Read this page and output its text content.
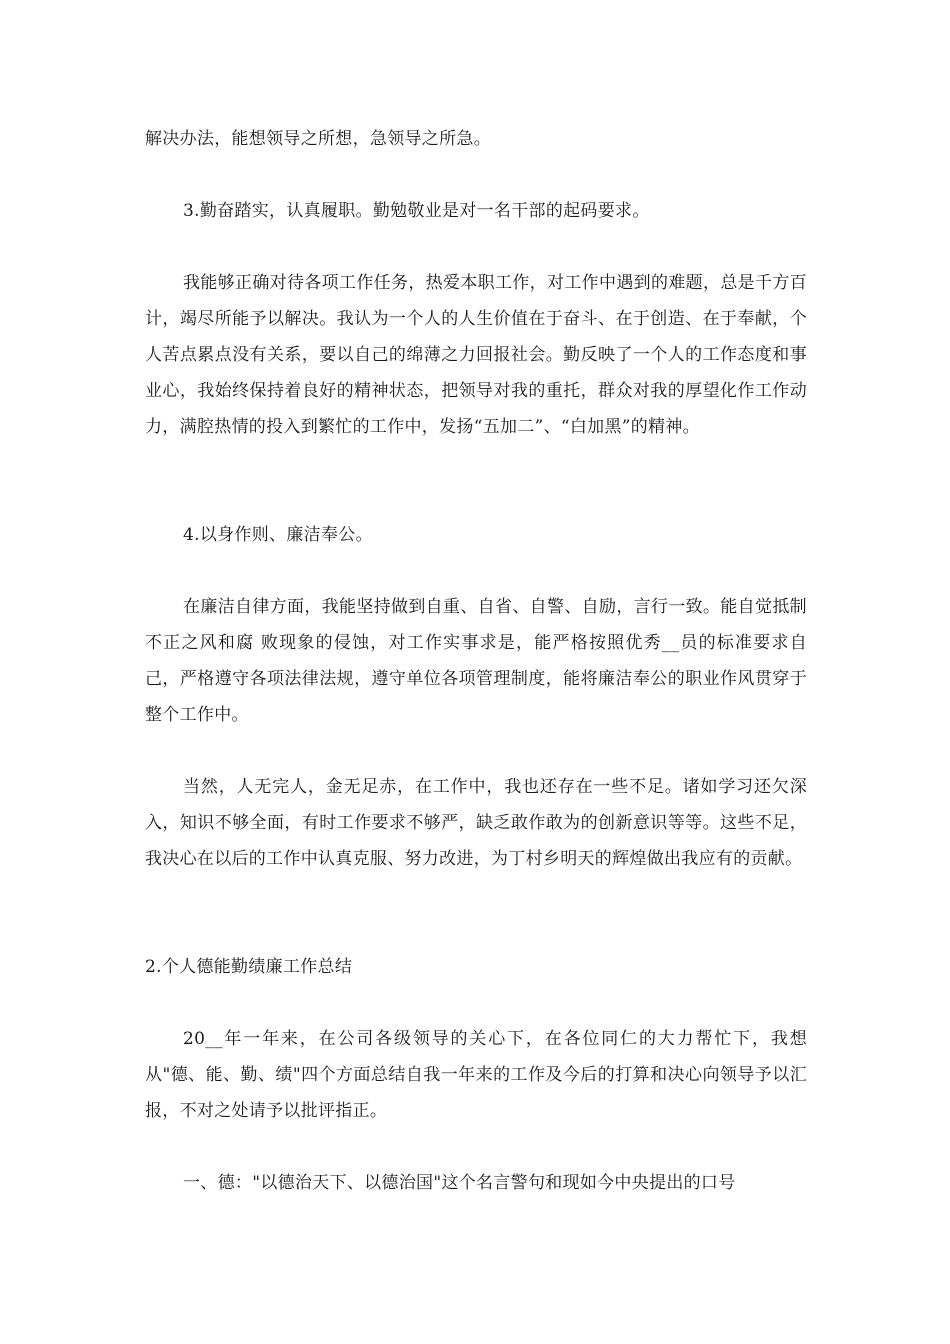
解决办法，能想领导之所想，急领导之所急。

3.勤奋踏实，认真履职。勤勉敬业是对一名干部的起码要求。

我能够正确对待各项工作任务，热爱本职工作，对工作中遇到的难题，总是千方百计，竭尽所能予以解决。我认为一个人的人生价值在于奋斗、在于创造、在于奉献，个人苦点累点没有关系，要以自己的绵薄之力回报社会。勤反映了一个人的工作态度和事业心，我始终保持着良好的精神状态，把领导对我的重托，群众对我的厚望化作工作动力，满腔热情的投入到繁忙的工作中，发扬“五加二”、“白加黑”的精神。

4.以身作则、廉洁奉公。

在廉洁自律方面，我能坚持做到自重、自省、自警、自励，言行一致。能自觉抵制不正之风和腐 败现象的侵蚀，对工作实事求是，能严格按照优秀__员的标准要求自己，严格遵守各项法律法规，遵守单位各项管理制度，能将廉洁奉公的职业作风贯穿于整个工作中。

当然，人无完人，金无足赤，在工作中，我也还存在一些不足。诸如学习还欠深入，知识不够全面，有时工作要求不够严，缺乏敢作敢为的创新意识等等。这些不足，我决心在以后的工作中认真克服、努力改进，为丁村乡明天的辉煌做出我应有的贡献。

2.个人德能勤绩廉工作总结

20__年一年来，在公司各级领导的关心下，在各位同仁的大力帮忙下，我想从"德、能、勤、绩"四个方面总结自我一年来的工作及今后的打算和决心向领导予以汇报，不对之处请予以批评指正。

一、德："以德治天下、以德治国"这个名言警句和现如今中央提出的口号
